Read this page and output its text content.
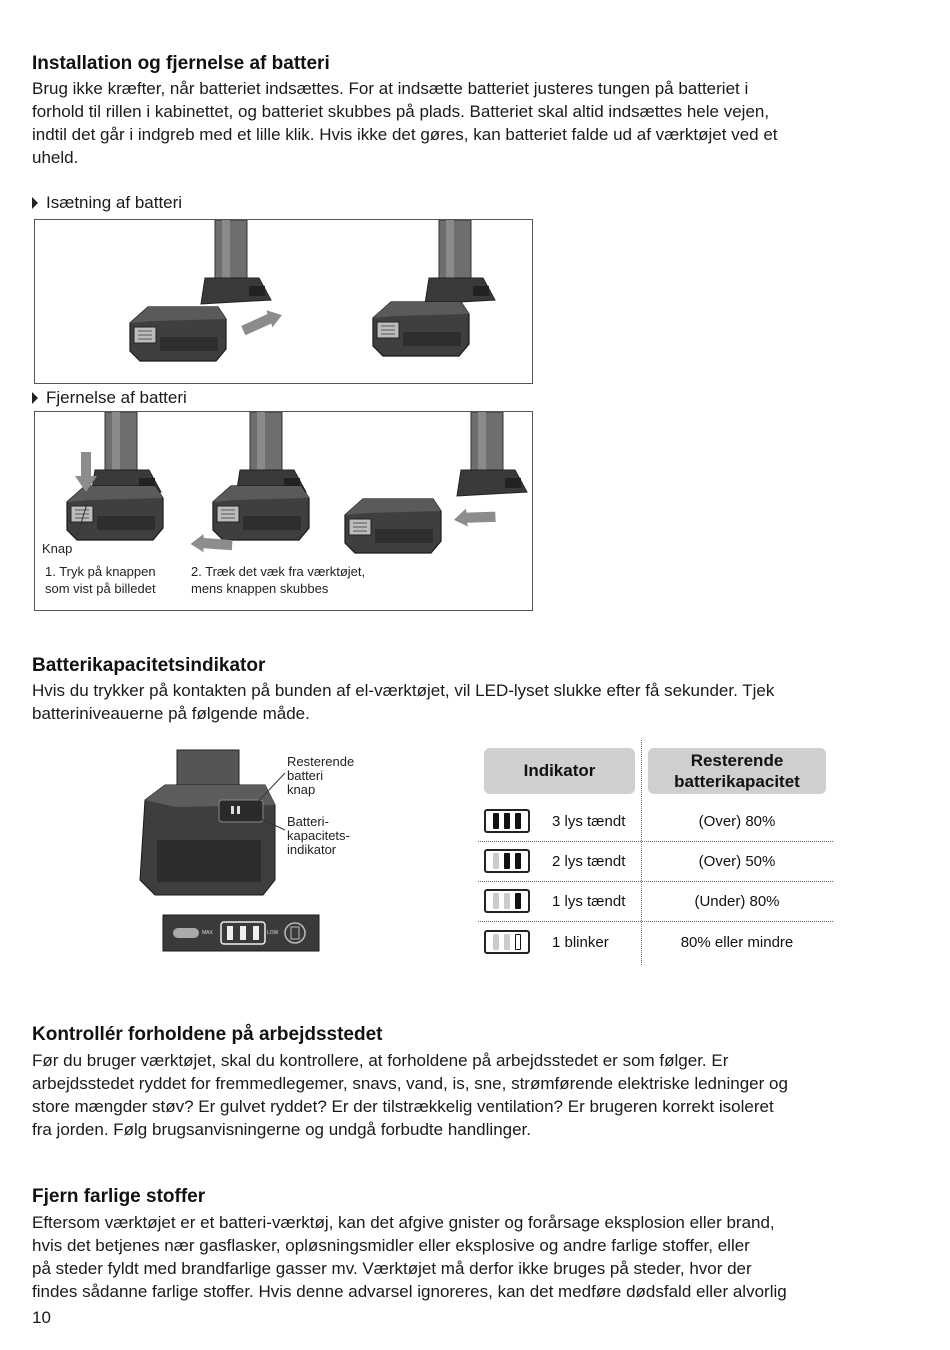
Installation og fjernelse af batteri

Brug ikke kræfter, når batteriet indsættes. For at indsætte batteriet justeres tungen på batteriet i

forhold til rillen i kabinettet, og batteriet skubbes på plads. Batteriet skal altid indsættes hele vejen,

indtil det går i indgreb med et lille klik. Hvis ikke det gøres, kan batteriet falde ud af værktøjet ved et

uheld.

Isætning af batteri
Fjernelse af batteri
Knap
1. Tryk på knappen
som vist på billedet
2. Træk det væk fra værktøjet,
mens knappen skubbes
Batterikapacitetsindikator

Hvis du trykker på kontakten på bunden af el-værktøjet, vil LED-lyset slukke efter få sekunder. Tjek

batteriniveauerne på følgende måde.

MAX	LOW
Resterende
batteri
knap
Batteri-
kapacitets-
indikator
Indikator
Resterende
batterikapacitet
3 lys tændt	(Over) 80%
2 lys tændt	(Over) 50%
1 lys tændt	(Under) 80%
1 blinker	80% eller mindre
Kontrollér forholdene på arbejdsstedet

Før du bruger værktøjet, skal du kontrollere, at forholdene på arbejdsstedet er som følger. Er

arbejdsstedet ryddet for fremmedlegemer, snavs, vand, is, sne, strømførende elektriske ledninger og

store mængder støv? Er gulvet ryddet? Er der tilstrækkelig ventilation? Er brugeren korrekt isoleret

fra jorden. Følg brugsanvisningerne og undgå forbudte handlinger.

Fjern farlige stoffer

Eftersom værktøjet er et batteri-værktøj, kan det afgive gnister og forårsage eksplosion eller brand,

hvis det betjenes nær gasflasker, opløsningsmidler eller eksplosive og andre farlige stoffer, eller

på steder fyldt med brandfarlige gasser mv. Værktøjet må derfor ikke bruges på steder, hvor der

findes sådanne farlige stoffer. Hvis denne advarsel ignoreres, kan det medføre dødsfald eller alvorlig

10
